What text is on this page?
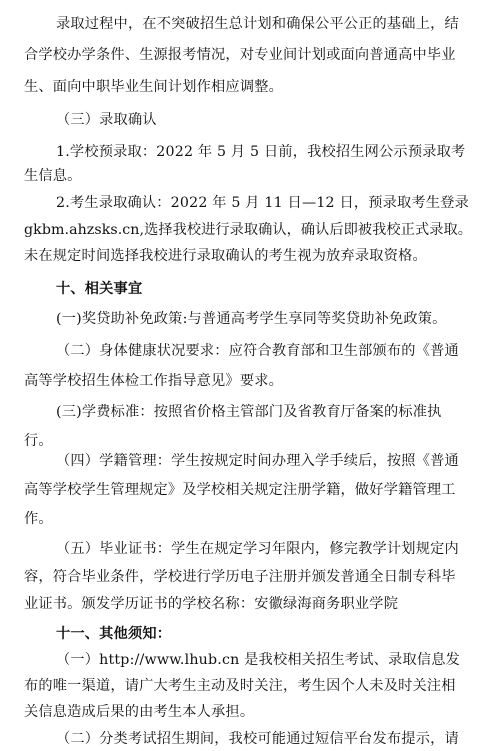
录取过程中，在不突破招生总计划和确保公平公正的基础上，结
合学校办学条件、生源报考情况，对专业间计划或面向普通高中毕业
生、面向中职毕业生间计划作相应调整。
（三）录取确认
1.学校预录取：2022 年 5 月 5 日前，我校招生网公示预录取考
生信息。
2.考生录取确认：2022 年 5 月 11 日—12 日，预录取考生登录
gkbm.ahzsks.cn,选择我校进行录取确认，确认后即被我校正式录取。
未在规定时间选择我校进行录取确认的考生视为放弃录取资格。
十、相关事宜
(一)奖贷助补免政策:与普通高考学生享同等奖贷助补免政策。
（二）身体健康状况要求：应符合教育部和卫生部颁布的《普通
高等学校招生体检工作指导意见》要求。
(三)学费标准：按照省价格主管部门及省教育厅备案的标准执
行。
（四）学籍管理：学生按规定时间办理入学手续后，按照《普通
高等学校学生管理规定》及学校相关规定注册学籍，做好学籍管理工
作。
（五）毕业证书：学生在规定学习年限内，修完教学计划规定内
容，符合毕业条件，学校进行学历电子注册并颁发普通全日制专科毕
业证书。颁发学历证书的学校名称：安徽绿海商务职业学院
十一、其他须知：
（一）http://www.lhub.cn 是我校相关招生考试、录取信息发
布的唯一渠道，请广大考生主动及时关注，考生因个人未及时关注相
关信息造成后果的由考生本人承担。
（二）分类考试招生期间，我校可能通过短信平台发布提示，请
